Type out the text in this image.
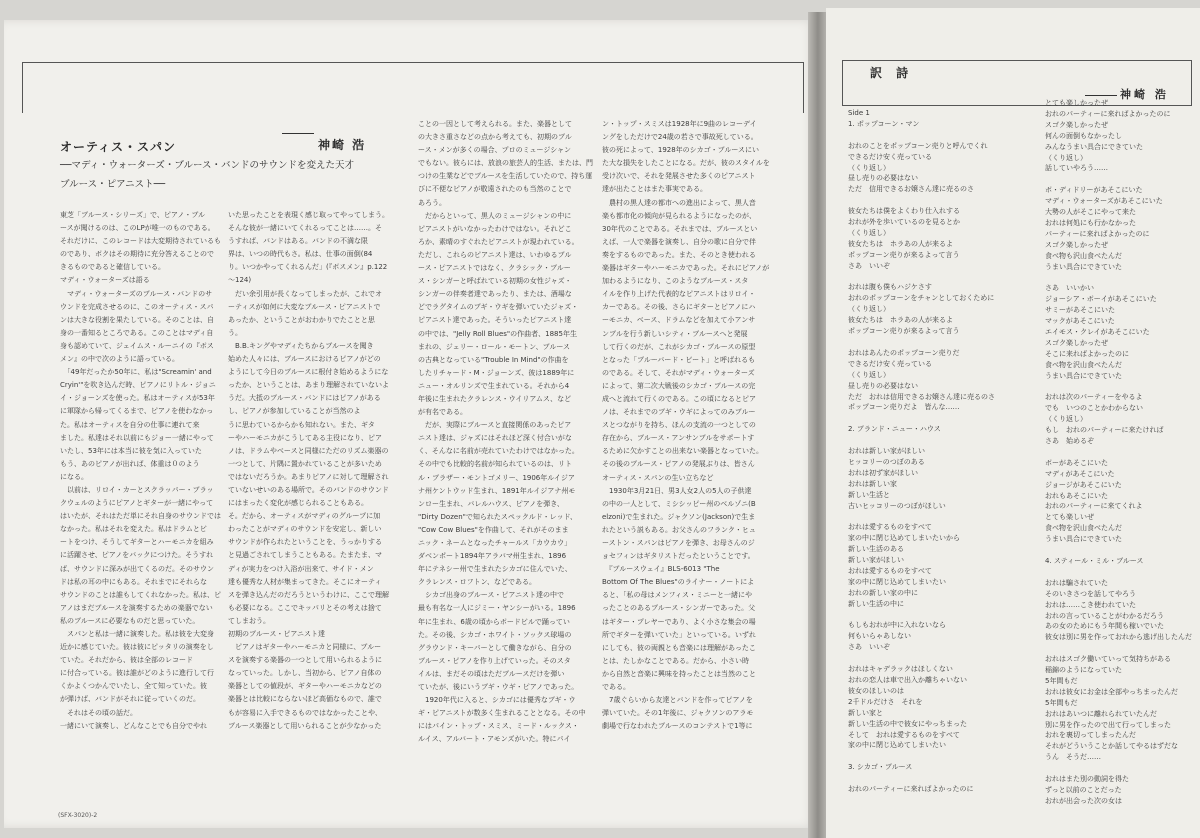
オーティス・スパン	神崎 浩
──マディ・ウォーターズ・ブルース・バンドのサウンドを変えた天才
ブルース・ピアニスト──
東芝「ブルース・シリーズ」で、ピアノ・ブル
ースが聞けるのは、このLPが唯一のものである。
それだけに、このレコードは大変期待されているも
のであり、ボクはその期待に充分答えることので
きるものであると確信している。
マディ・ウォーターズは語る
　マディ・ウォーターズのブルース・バンドのサ
ウンドを完成させるのに、このオーティス・スパ
ンは大きな役割を果たしている。そのことは、自
身の一番知るところである。このことはマディ自
身も認めていて、ジェイムス・ルーニイの『ボス
メン』の中で次のように語っている。
　「49年だったか50年に、私は"Screamin' and
Cryin'"を吹き込んだ時、ピアノにリトル・ジョニ
イ・ジョーンズを使った。私はオーティスが53年
に軍隊から帰ってくるまで、ピアノを使わなかっ
た。私はオーティスを自分の仕事に連れて来
ました。私達はそれ以前にもジョー一緒にやって
いたし、53年には本当に彼を気に入っていた
もう、あのピアノが出れば、体重は０のよう
になる。
　以前は、リロイ・カーとスクラッパー・ブラッ
クウェルのようにピアノとギターが一緒にやって
はいたが、それはただ単にそれ自身のサウンドでは
なかった。私はそれを変えた。私はドラムとビ
ートをつけ、そうしてギターとハーモニカを組み
に活躍させ、ピアノをバックにつけた。そうすれ
ば、サウンドに深みが出てくるのだ。そのサウン
ドは私の耳の中にもある。それまでにそれらな
サウンドのことは誰もしてくれなかった。私は、ピ
アノはまだブルースを演奏するための楽器でない
私のブルースに必要なものだと思っていた。
　スパンと私は一緒に演奏した。私は彼を大変身
近かに感じていた。彼は彼にピッタリの演奏をし
ていた。それだから、彼は全部のレコード
に付合っている。彼は誰がどのように進行して行
くかよくつかんでいたし、全て知っていた。彼
が弾けば、バンドがそれに従っていくのだ。
　それはその頃の話だ。
一緒にいて演奏し、どんなことでも自分でやれ
いた思ったことを表現く感じ取ってやってしまう。
そんな彼が一緒にいてくれるってことは……。そ
うすれば、バンドはある。バンドの不満な限
界は、いつの時代もさ。私は、仕事の面倒(84
り。いつかやってくれるんだ」(『ボスメン』p.122
～124)
　だい余引用が長くなってしまったが、これでオ
ーティスが如何に大変なブルース・ピアニストで
あったか、ということがおわかりでたことと思
う。
　B.B.キングやマディたちからブルースを聞き
始めた人々には、ブルースにおけるピアノがどの
ようにして今日のブルースに根付き始めるようにな
ったか、ということは、あまり理解されていないよ
うだ。大抵のブルース・バンドにはピアノがある
し、ピアノが参加していることが当然のよ
うに思わているからかも知れない。また、ギタ
ーやハーモニカがこうしてある主役になり、ピア
ノは、ドラムやベースと同様にただのリズム楽器の
一つとして、片隅に置かれていることが多いため
ではないだろうか。あまりピアノに対して理解され
ていないせいのある場所で。そのバンドのサウンド
にはまったく変化が感じられることもある。
そ。だから、オーティスがマディのグループに加
わったことがマディのサウンドを安定し、新しい
サウンドが作られたということを、うっかりする
と見過ごされてしまうこともある。たまたま、マ
ディが実力をつけ入浴が出来て、サイド・メン
達も優秀な人材が集まってきた。そこにオーティ
スを弾き込んだのだろうというわけに、ここで理解
も必要になる。ここでキッパリとその考えは捨て
てしまおう。
初期のブルース・ピアニスト達
　ピアノはギターやハーモニカと同様に、ブルー
スを演奏する楽器の一つとして用いられるように
なっていった。しかし、当初から、ピアノ自体の
楽器としての値段が、ギターやハーモニカなどの
楽器とは比較にならないほど高価なもので、誰で
もが容易に入手できるものではなかったことや、
ブルース楽器として用いられることが少なかった
ことの一因として考えられる。また、楽器として
の大きさ重さなどの点から考えても、初期のブル
ース・メンが多くの場合、プロのミュージシャン
でもない。彼らには、放浪の旅芸人的生活、または、門
つけの生業などでブルースを生活していたので、持ち運
びに不便なピアノが敬遠されたのも当然のことで
あろう。
　だからといって、黒人のミュージシャンの中に
ピアニストがいなかったわけではない。それどこ
ろか、素晴のすぐれたピアニストが現われている。
ただし、これらのピアニスト達は、いわゆるブル
ース・ピアニストではなく、クラシック・ブルー
ス・シンガーと呼ばれている初期の女性ジャズ・
シンガーの伴奏者達であったり、または、酒場な
どでラグタイムのブギ・ウギを弾いていたジャズ・
ピアニスト達であった。そういったピアニスト達
の中では、"Jelly Roll Blues"の作曲者、1885年生
まれの、ジェリー・ロール・モートン、ブルース
の古典となっている"Trouble In Mind"の作曲を
したリチャード・M・ジョーンズ、彼は1889年に
ニュー・オルリンズで生まれている。それから4
年後に生まれたクラレンス・ウイリアムス、など
が有名である。
　だが、実際にブルースと直接関係のあったピア
ニスト達は、ジャズにはそれほど深く付合いがな
く、そんなに名前が売れていたわけではなかった。
その中でも比較的名前が知られているのは、リト
ル・ブラザー・モントゴメリー、1906年ルイジア
ナ州ケントウッド生まれ、1891年ルイジアナ州モ
ンロー生まれ、バレルハウス、ピアノを弾き、
"Dirty Dozen"で知られたスペックルド・レッド、
"Cow Cow Blues"を作曲して、それがそのまま
ニック・ネームとなったチャールス「カウカウ」
ダベンポート1894年アラバマ州生まれ、1896
年にテネシー州で生まれたシカゴに住んでいた、
クラレンス・ロフトン、などである。
　シカゴ出身のブルース・ピアニスト達の中で
最も有名な一人にジミー・ヤンシーがいる。1896
年に生まれ、6歳の頃からボードビルで踊ってい
た。その後、シカゴ・ホワイト・ソックス球場の
グラウンド・キーパーとして働きながら、自分の
ブルース・ピアノを作り上げていった。そのスタ
イルは、まだその頃はただブルースだけを弾い
ていたが、後にいうブギ・ウギ・ピアノであった。
　1920年代に入ると、シカゴには優秀なブギ・ウ
ギ・ピアニストが数多く生まれることとなる。その中
にはパイン・トップ・スミス、ミード・ルックス・
ルイス、アルバート・アモンズがいた。特にパイ
ン・トップ・スミスは1928年に9曲のレコーデイ
ングをしただけで24歳の若さで事故死している。
彼の死によって、1928年のシカゴ・ブルースにい
た大な損失をしたことになる。だが、彼のスタイルを
受け次いで、それを発展させた多くのピアニスト
達が出たことはまた事実である。
　農村の黒人達の都市への進出によって、黒人音
楽も都市化の傾向が見られるようになったのが、
30年代のことである。それまでは、ブルースとい
えば、一人で楽器を演奏し、自分の歌に自分で伴
奏をするものであった。また、そのとき使われる
楽器はギターやハーモニカであった。それにピアノが
加わるようになり、このようなブルース・スタ
イルを作り上げた代表的なピアニストはリロイ・
カーである。その後、さらにギターとピアノにハ
ーモニカ、ベース、ドラムなどを加えて小アンサ
ンブルを行う新しいシティ・ブルースへと発展
して行くのだが、これがシカゴ・ブルースの原型
となった「ブルーバード・ビート」と呼ばれるも
のである。そして、それがマディ・ウォーターズ
によって、第二次大戦後のシカゴ・ブルースの完
成へと流れて行くのである。この頃になるとピア
ノは、それまでのブギ・ウギによってのみブルー
スとつながりを持ち、ほんの支流の一つとしての
存在から、ブルース・アンサンブルをサポートす
るために欠かすことの出来ない楽器となっていた。
その後のブルース・ピアノの発展ぶりは、皆さん
オーティス・スパンの生い立ちなど
　1930年3月21日、男3人女2人の5人の子供達
の中の一人として、ミシシッピー州のベルゾニ(B
elzoni)で生まれた。ジャクソン(Jackson)で生ま
れたという説もある。お父さんのフランク・ヒュ
ーストン・スパンはピアノを弾き、お母さんのジ
ョセフィンはギタリストだったということです。
　『ブルースウェイ』BLS-6013 "The
Bottom Of The Blues"のライナー・ノートによ
ると、「私の母はメンフィス・ミニーと一緒にや
ったことのあるブルース・シンガーであった。父
はギター・プレヤーであり、よく小さな集会の場
所でギターを弾いていた」といっている。いずれ
にしても、彼の両親とも音楽には理解があったこ
とは、たしかなことである。だから、小さい時
から自然と音楽に興味を持ったことは当然のこと
である。
　7歳ぐらいから友達とバンドを作ってピアノを
弾いていた。その1年後に、ジャクソンのアラモ
劇場で行なわれたブルースのコンテストで1等に
(SFX-3020)-2
訳 詩
神崎 浩
Side 1
1. ポップコーン・マン
おれのことをポップコーン売りと呼んでくれ
できるだけ安く売っている
（くり返し）
昼し売りの必要はない
ただ　信用できるお嬢さん達に売るのさ
彼女たちは僕をよくわり仕入れする
おれが外を歩いているのを見るとか
（くり返し）
彼女たちは　ホラあの人が来るよ
ポップコーン売りが来るよって言う
さあ　いいぞ
おれは腹も僕もハジケさす
おれのポップコーンをチャンとしておくために
（くり返し）
彼女たちは　ホラあの人が来るよ
ポップコーン売りが来るよって言う
おれはあんたのポップコーン売りだ
できるだけ安く売っている
（くり返し）
昼し売りの必要はない
ただ　おれは信用できるお嬢さん達に売るのさ
ポップコーン売りだよ　皆んな……
2. ブランド・ニュー・ハウス
おれは新しい家がほしい
ヒッコリーのつぼのある
おれは初ず家がほしい
おれは新しい家
新しい生活と
古いヒッコリーのつぼがほしい
おれは愛するものをすべて
家の中に閉じ込めてしまいたいから
新しい生活のある
新しい家がほしい
おれは愛するものをすべて
家の中に閉じ込めてしまいたい
おれの新しい家の中に
新しい生活の中に
もしもおれが中に入れないなら
何もいらゃあしない
さあ　いいぞ
おれはキャデラックはほしくない
おれの恋人は車で出入か離ちゃいない
彼女のほしいのは
2千ドルだけさ　それを
新しい家と
新しい生活の中で彼女にやっちまった
そして　おれは愛するものをすべて
家の中に閉じ込めてしまいたい
3. シカゴ・ブルース
おれのパーティーに来ればよかったのに
とても楽しかったぜ
おれのパーティーに来ればよかったのに
スゴク楽しかったぜ
何んの面倒もなかったし
みんなうまい具合にできていた
（くり返し）
話していやろう……
ボ・ディドリーがあそこにいた
マディ・ウォーターズがあそこにいた
大勢の人がそこにやって来た
おれは何処にも行かなかった
パーティーに来ればよかったのに
スゴク楽しかったぜ
食べ物も沢山食べたんだ
うまい具合にできていた
さあ　いいかい
ジョーシア・ボーイがあそこにいた
サミーがあそこにいた
マックがあそこにいた
エイモス・クレイがあそこにいた
スゴク楽しかったぜ
そこに来ればよかったのに
食べ物を沢山食べたんだ
うまい具合にできていた
おれは次のパーティーをやるよ
でも　いつのことかわからない
（くり返し）
もし　おれのパーティーに来たければ
さあ　始めるぞ
ボーがあそこにいた
マディがあそこにいた
ジョージがあそこにいた
おれもあそこにいた
おれのパーティーに来てくれよ
とても楽しいぜ
食べ物を沢山食べたんだ
うまい具合にできていた
4. スティール・ミル・ブルース
おれは騙されていた
そのいきさつを話してやろう
おれは……こき使われていた
おれの言っていることがわかるだろう
あの女のためにもう年間も稼いでいた
彼女は別に男を作っておれから逃げ出したんだ
おれはスゴク働いていって気持ちがある
稲錦のようになっていた
5年間もだ
おれは彼女にお金は全部やっちまったんだ
5年間もだ
おれはあいつに離れられていたんだ
別に男を作ったので出て行ってしまった
おれを裏切ってしまったんだ
それがどういうことか話してやるはずだな
うん　そうだ……
おれはまた別の動詞を得た
ずっと以前のことだった
おれが出会った次の女は
